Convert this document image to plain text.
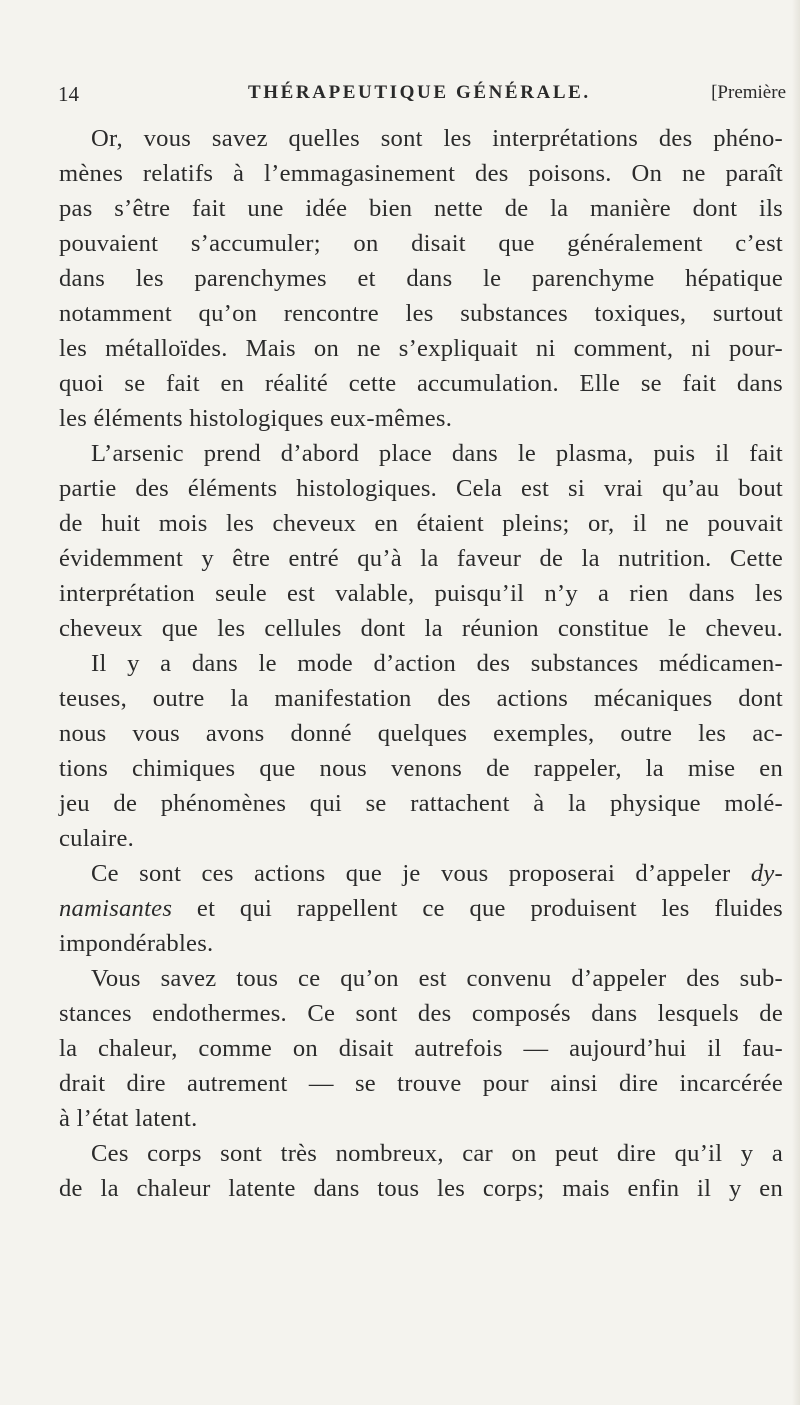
14	THÉRAPEUTIQUE GÉNÉRALE.	[Première
Or, vous savez quelles sont les interprétations des phéno-
mènes relatifs à l’emmagasinement des poisons. On ne paraît
pas s’être fait une idée bien nette de la manière dont ils
pouvaient s’accumuler; on disait que généralement c’est
dans les parenchymes et dans le parenchyme hépatique
notamment qu’on rencontre les substances toxiques, surtout
les métalloïdes. Mais on ne s’expliquait ni comment, ni pour-
quoi se fait en réalité cette accumulation. Elle se fait dans
les éléments histologiques eux-mêmes.
L’arsenic prend d’abord place dans le plasma, puis il fait
partie des éléments histologiques. Cela est si vrai qu’au bout
de huit mois les cheveux en étaient pleins; or, il ne pouvait
évidemment y être entré qu’à la faveur de la nutrition. Cette
interprétation seule est valable, puisqu’il n’y a rien dans les
cheveux que les cellules dont la réunion constitue le cheveu.
Il y a dans le mode d’action des substances médicamen-
teuses, outre la manifestation des actions mécaniques dont
nous vous avons donné quelques exemples, outre les ac-
tions chimiques que nous venons de rappeler, la mise en
jeu de phénomènes qui se rattachent à la physique molé-
culaire.
Ce sont ces actions que je vous proposerai d’appeler dy-
namisantes et qui rappellent ce que produisent les fluides
impondérables.
Vous savez tous ce qu’on est convenu d’appeler des sub-
stances endothermes. Ce sont des composés dans lesquels de
la chaleur, comme on disait autrefois — aujourd’hui il fau-
drait dire autrement — se trouve pour ainsi dire incarcérée
à l’état latent.
Ces corps sont très nombreux, car on peut dire qu’il y a
de la chaleur latente dans tous les corps; mais enfin il y en
